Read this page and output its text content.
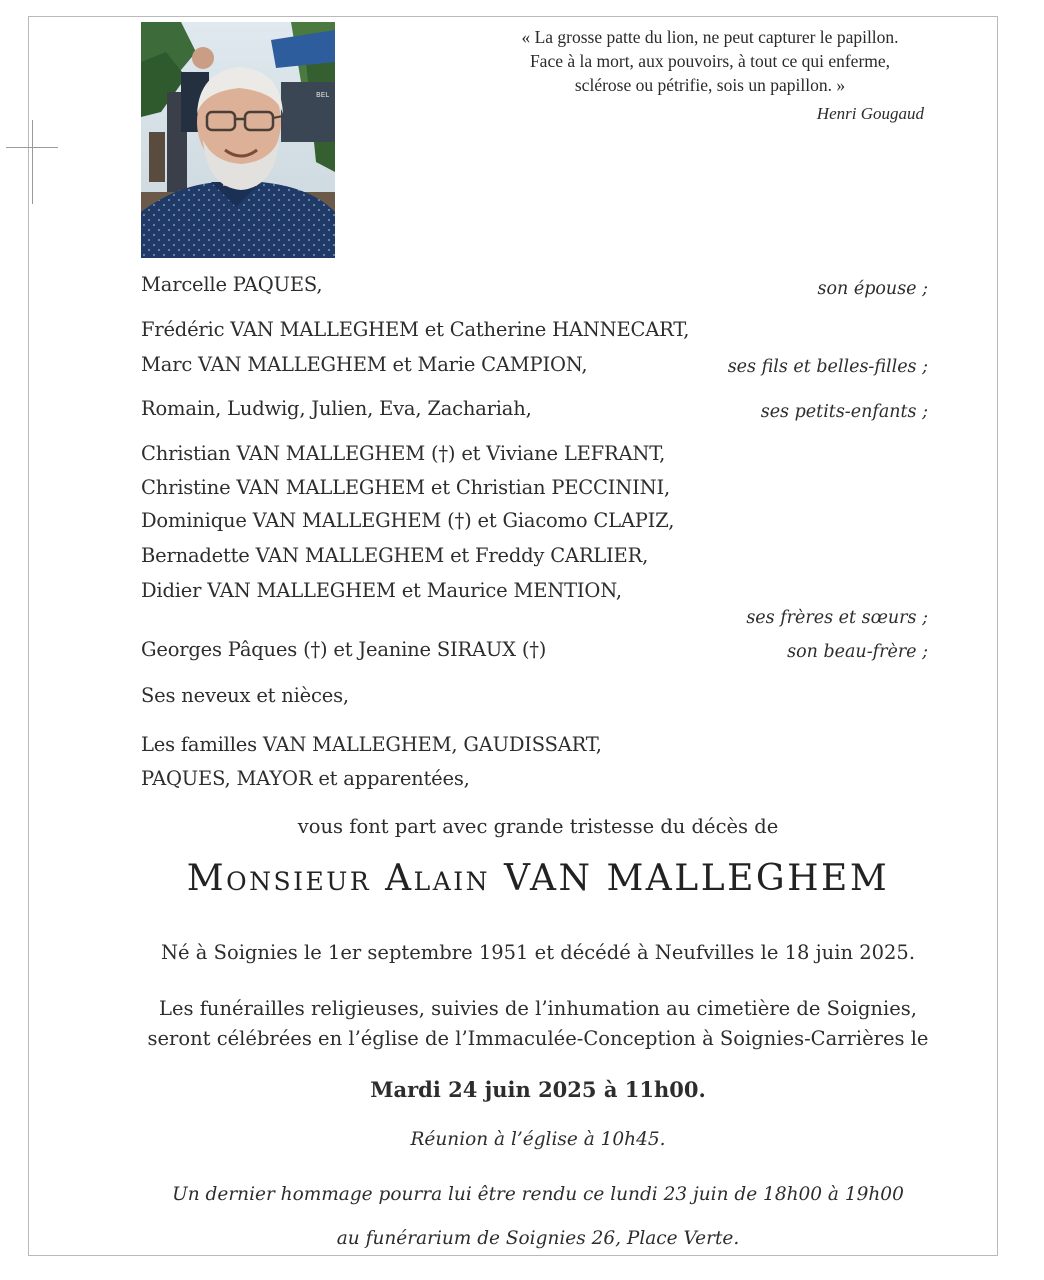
BEL
« La grosse patte du lion, ne peut capturer le papillon.
Face à la mort, aux pouvoirs, à tout ce qui enferme,
sclérose ou pétrifie, sois un papillon. »
Henri Gougaud
Marcelle PAQUES,	son épouse ;
Frédéric VAN MALLEGHEM et Catherine HANNECART,
Marc VAN MALLEGHEM et Marie CAMPION,	ses fils et belles-filles ;
Romain, Ludwig, Julien, Eva, Zachariah,	ses petits-enfants ;
Christian VAN MALLEGHEM (†) et Viviane LEFRANT,
Christine VAN MALLEGHEM et Christian PECCININI,
Dominique VAN MALLEGHEM (†) et Giacomo CLAPIZ,
Bernadette VAN MALLEGHEM et Freddy CARLIER,
Didier VAN MALLEGHEM et Maurice MENTION,
ses frères et sœurs ;
Georges Pâques (†) et Jeanine SIRAUX (†)	son beau-frère ;
Ses neveux et nièces,
Les familles VAN MALLEGHEM, GAUDISSART,
PAQUES, MAYOR et apparentées,
vous font part avec grande tristesse du décès de
Monsieur Alain VAN MALLEGHEM
Né à Soignies le 1er septembre 1951 et décédé à Neufvilles le 18 juin 2025.
Les funérailles religieuses, suivies de l’inhumation au cimetière de Soignies,
seront célébrées en l’église de l’Immaculée-Conception à Soignies-Carrières le
Mardi 24 juin 2025 à 11h00.
Réunion à l’église à 10h45.
Un dernier hommage pourra lui être rendu ce lundi 23 juin de 18h00 à 19h00
au funérarium de Soignies 26, Place Verte.
